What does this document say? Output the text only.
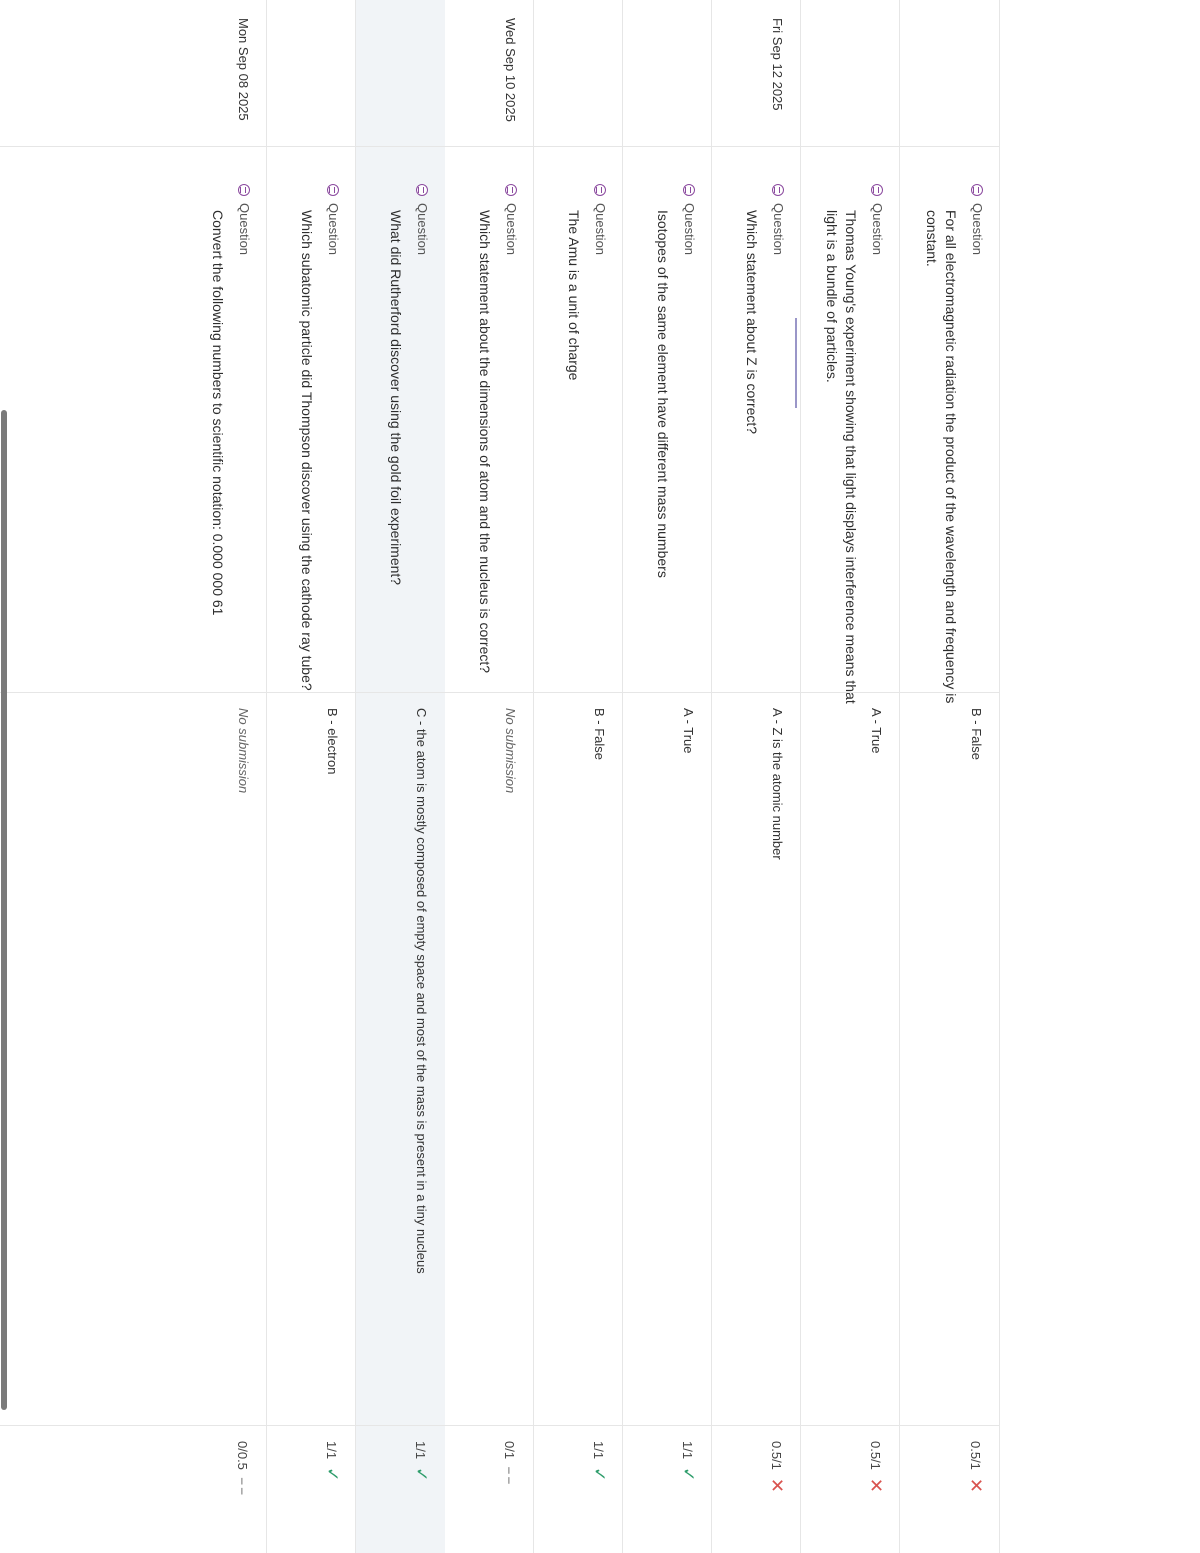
Question
For all electromagnetic radiation the product of the wavelength and frequency is constant.
B - False
0.5/1
✕
Question
Thomas Young's experiment showing that light displays interference means that light is a bundle of particles.
A - True
0.5/1
✕
Fri Sep 12 2025
Question
Which statement about Z is correct?
A - Z is the atomic number
0.5/1
✕
Question
Isotopes of the same element have different mass numbers
A - True
1/1
✓
Question
The Amu is a unit of charge
B - False
1/1
✓
Wed Sep 10 2025
Question
Which statement about the dimensions of atom and the nucleus is correct?
No submission
0/1
– –
Question
What did Rutherford discover using the gold foil experiment?
C - the atom is mostly composed of empty space and most of the mass is present in a tiny nucleus
1/1
✓
Question
Which subatomic particle did Thompson discover using the cathode ray tube?
B - electron
1/1
✓
Mon Sep 08 2025
Question
Convert the following numbers to scientific notation: 0.000 000 61
No submission
0/0.5
– –
